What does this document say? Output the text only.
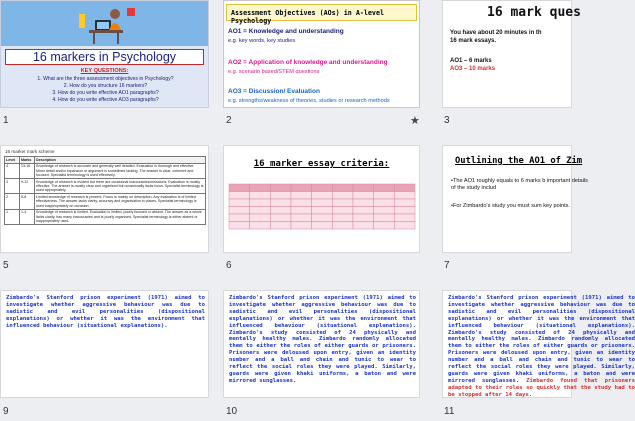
16 markers in Psychology
KEY QUESTIONS:
1. What are the three assessment objectives in Psychology?
2. How do you structure 16 markers?
3. How do you write effective AO1 paragraphs?
4. How do you write effective AO3 paragraphs?
1
Assessment Objectives (AOs) in A-level Psychology
AO1 = Knowledge and understanding
e.g. key words, key studies
AO2 = Application of knowledge and understanding
e.g. scenario based/STEM questions
AO3 = Discussion/ Evaluation
e.g. strengths/weakness of theories, studies or research methods
2	★
16 mark ques
You have about 20 minutes in th
16 mark essays.
AO1 – 6 marks
AO3 – 10 marks
3
16 marker mark scheme
Level	Marks	Description
4	13-16	Knowledge of research is accurate and generally well detailed. Evaluation is thorough and effective. Minor detail and/or expansion of argument is sometimes lacking. The answer is clear, coherent and focused. Specialist terminology is used effectively.
3	9-12	Knowledge of research is evident but there are occasional inaccuracies/omissions. Evaluation is mostly effective. The answer is mostly clear and organised but occasionally lacks focus. Specialist terminology is used appropriately.
2	5-8	Limited knowledge of research is present. Focus is mainly on description. Any evaluation is of limited effectiveness. The answer lacks clarity, accuracy and organisation in places. Specialist terminology is used inappropriately on occasion.
1	1-4	Knowledge of research is limited. Evaluation is limited, poorly focused or absent. The answer as a whole lacks clarity, has many inaccuracies and is poorly organised. Specialist terminology is either absent or inappropriately used.
5
16 marker essay criteria:
6
Outlining the AO1 of Zim
•The AO1 roughly equals to 6 marks b important details of the study includ
•For Zimbardo's study you must sum key points.
7
Zimbardo's Stanford prison experiment (1971) aimed to investigate whether aggressive behaviour was due to sadistic and evil personalities (dispositional explanations) or whether it was the environment that influenced behaviour (situational explanations).
9
Zimbardo's Stanford prison experiment (1971) aimed to investigate whether aggressive behaviour was due to sadistic and evil personalities (dispositional explanations) or whether it was the environment that influenced behaviour (situational explanations). Zimbardo's study consisted of 24 physically and mentally healthy males. Zimbardo randomly allocated them to either the roles of either guards or prisoners. Prisoners were deloused upon entry, given an identity number and a ball and chain and tunic to wear to reflect the social roles they were played. Similarly, guards were given khaki uniforms, a baton and were mirrored sunglasses.
10
Zimbardo's Stanford prison experiment (1971) aimed to investigate whether aggressive behaviour was due to sadistic and evil personalities (dispositional explanations) or whether it was the environment that influenced behaviour (situational explanations). Zimbardo's study consisted of 24 physically and mentally healthy males. Zimbardo randomly allocated them to either the roles of either guards or prisoners. Prisoners were deloused upon entry, given an identity number and a ball and chain and tunic to wear to reflect the social roles they were played. Similarly, guards were given khaki uniforms, a baton and were mirrored sunglasses. Zimbardo found that prisoners adapted to their roles so quickly that the study had to be stopped after 14 days.
11
